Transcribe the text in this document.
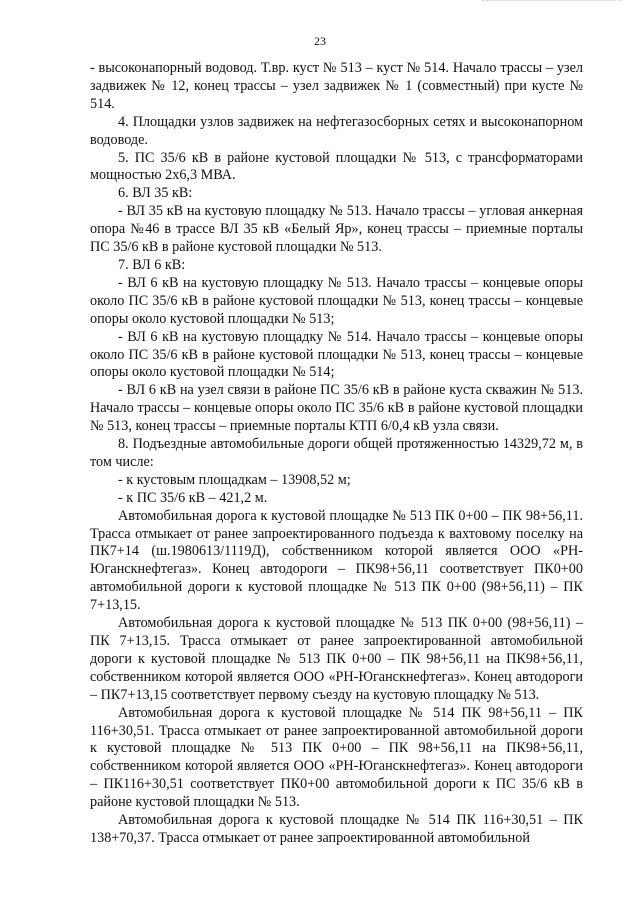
23

- высоконапорный водовод. Т.вр. куст № 513 – куст № 514. Начало трассы – узел задвижек № 12, конец трассы – узел задвижек № 1 (совместный) при кусте № 514.

4. Площадки узлов задвижек на нефтегазосборных сетях и высоконапорном водоводе.

5. ПС 35/6 кВ в районе кустовой площадки № 513, с трансформаторами мощностью 2х6,3 МВА.

6. ВЛ 35 кВ:

- ВЛ 35 кВ на кустовую площадку № 513. Начало трассы – угловая анкерная опора №46 в трассе ВЛ 35 кВ «Белый Яр», конец трассы – приемные порталы ПС 35/6 кВ в районе кустовой площадки № 513.

7. ВЛ 6 кВ:

- ВЛ 6 кВ на кустовую площадку № 513. Начало трассы – концевые опоры около ПС 35/6 кВ в районе кустовой площадки № 513, конец трассы – концевые опоры около кустовой площадки № 513;

- ВЛ 6 кВ на кустовую площадку № 514. Начало трассы – концевые опоры около ПС 35/6 кВ в районе кустовой площадки № 513, конец трассы – концевые опоры около кустовой площадки № 514;

- ВЛ 6 кВ на узел связи в районе ПС 35/6 кВ в районе куста скважин № 513. Начало трассы – концевые опоры около ПС 35/6 кВ в районе кустовой площадки № 513, конец трассы – приемные порталы КТП 6/0,4 кВ узла связи.

8. Подъездные автомобильные дороги общей протяженностью 14329,72 м, в том числе:

- к кустовым площадкам – 13908,52 м;

- к ПС 35/6 кВ – 421,2 м.

Автомобильная дорога к кустовой площадке № 513 ПК 0+00 – ПК 98+56,11. Трасса отмыкает от ранее запроектированного подъезда к вахтовому поселку на ПК7+14 (ш.1980613/1119Д), собственником которой является ООО «РН-Юганскнефтегаз». Конец автодороги – ПК98+56,11 соответствует ПК0+00 автомобильной дороги к кустовой площадке № 513 ПК 0+00 (98+56,11) – ПК 7+13,15.

Автомобильная дорога к кустовой площадке № 513 ПК 0+00 (98+56,11) – ПК 7+13,15. Трасса отмыкает от ранее запроектированной автомобильной дороги к кустовой площадке № 513 ПК 0+00 – ПК 98+56,11 на ПК98+56,11, собственником которой является ООО «РН-Юганскнефтегаз». Конец автодороги – ПК7+13,15 соответствует первому съезду на кустовую площадку № 513.

Автомобильная дорога к кустовой площадке № 514 ПК 98+56,11 – ПК 116+30,51. Трасса отмыкает от ранее запроектированной автомобильной дороги к кустовой площадке № 513 ПК 0+00 – ПК 98+56,11 на ПК98+56,11, собственником которой является ООО «РН-Юганскнефтегаз». Конец автодороги – ПК116+30,51 соответствует ПК0+00 автомобильной дороги к ПС 35/6 кВ в районе кустовой площадки № 513.

Автомобильная дорога к кустовой площадке № 514 ПК 116+30,51 – ПК 138+70,37. Трасса отмыкает от ранее запроектированной автомобильной
